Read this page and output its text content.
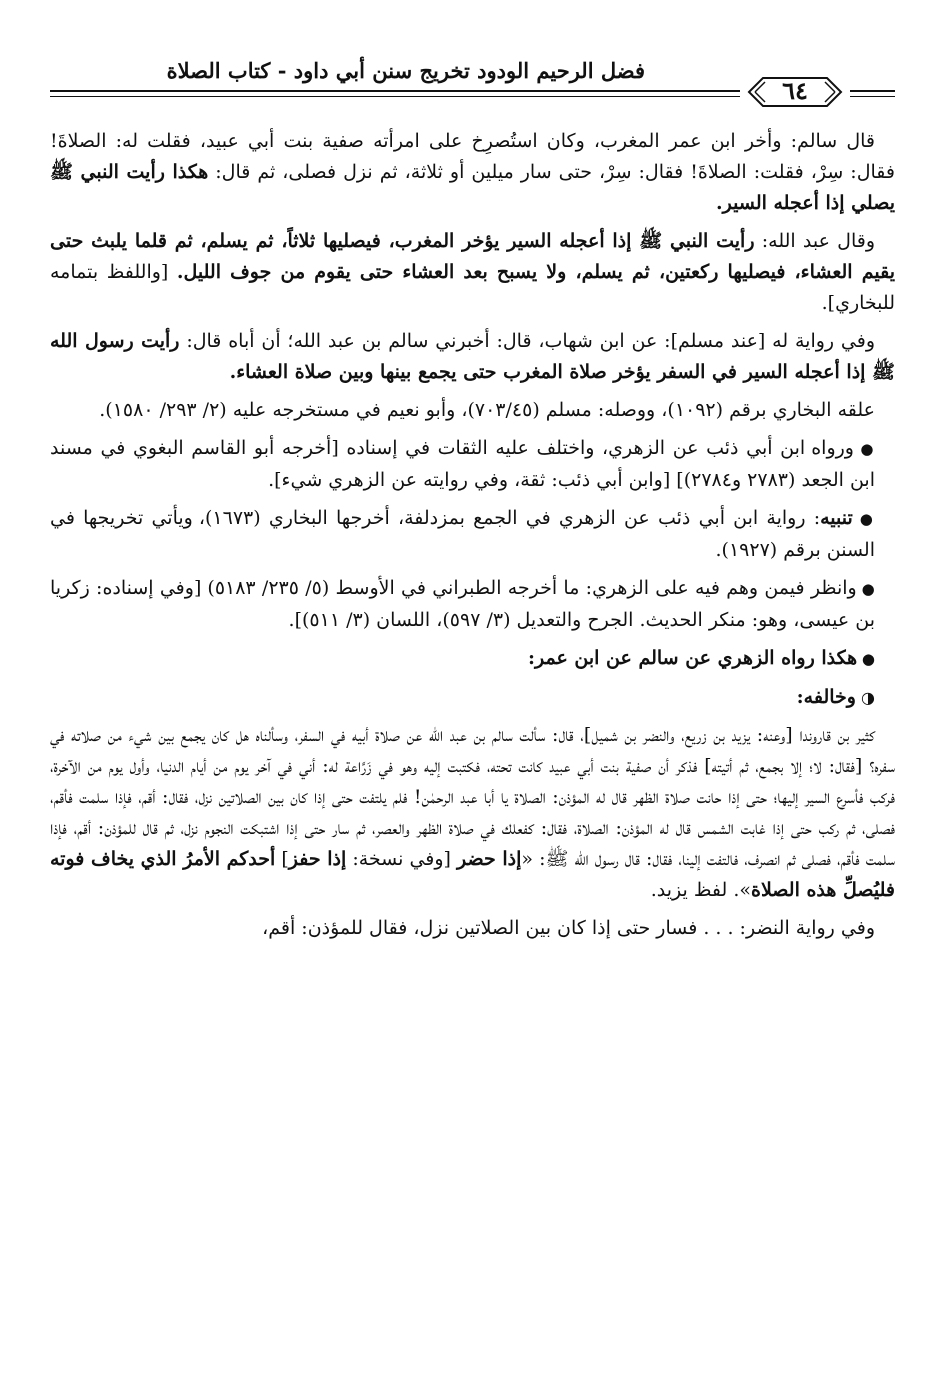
فضل الرحيم الودود تخريج سنن أبي داود - كتاب الصلاة
٦٤

قال سالم: وأخر ابن عمر المغرب، وكان استُصرِخ على امرأته صفية بنت أبي عبيد، فقلت له: الصلاةَ! فقال: سِرْ، فقلت: الصلاةَ! فقال: سِرْ، حتى سار ميلين أو ثلاثة، ثم نزل فصلى، ثم قال: هكذا رأيت النبي ﷺ يصلي إذا أعجله السير.

وقال عبد الله: رأيت النبي ﷺ إذا أعجله السير يؤخر المغرب، فيصليها ثلاثاً، ثم يسلم، ثم قلما يلبث حتى يقيم العشاء، فيصليها ركعتين، ثم يسلم، ولا يسبح بعد العشاء حتى يقوم من جوف الليل. [واللفظ بتمامه للبخاري].

وفي رواية له [عند مسلم]: عن ابن شهاب، قال: أخبرني سالم بن عبد الله؛ أن أباه قال: رأيت رسول الله ﷺ إذا أعجله السير في السفر يؤخر صلاة المغرب حتى يجمع بينها وبين صلاة العشاء.

علقه البخاري برقم (١٠٩٢)، ووصله: مسلم (٧٠٣/٤٥)، وأبو نعيم في مستخرجه عليه (٢/ ٢٩٣/ ١٥٨٠).

● ورواه ابن أبي ذئب عن الزهري، واختلف عليه الثقات في إسناده [أخرجه أبو القاسم البغوي في مسند ابن الجعد (٢٧٨٣ و٢٧٨٤)] [وابن أبي ذئب: ثقة، وفي روايته عن الزهري شيء].

● تنبيه: رواية ابن أبي ذئب عن الزهري في الجمع بمزدلفة، أخرجها البخاري (١٦٧٣)، ويأتي تخريجها في السنن برقم (١٩٢٧).

● وانظر فيمن وهم فيه على الزهري: ما أخرجه الطبراني في الأوسط (٥/ ٢٣٥/ ٥١٨٣) [وفي إسناده: زكريا بن عيسى، وهو: منكر الحديث. الجرح والتعديل (٣/ ٥٩٧)، اللسان (٣/ ٥١١)].

● هكذا رواه الزهري عن سالم عن ابن عمر:

◑ وخالفه:

كثير بن قاروندا [وعنه: يزيد بن زريع، والنضر بن شميل]، قال: سألت سالم بن عبد الله عن صلاة أبيه في السفر، وسألناه هل كان يجمع بين شيء من صلاته في سفره؟ [فقال: لا؛ إلا بجمع، ثم أتيته] فذكر أن صفية بنت أبي عبيد كانت تحته، فكتبت إليه وهو في زَرَّاعة له: أني في آخر يوم من أيام الدنيا، وأول يوم من الآخرة، فركب فأسرع السير إليها؛ حتى إذا حانت صلاة الظهر قال له المؤذن: الصلاة يا أبا عبد الرحمٰن! فلم يلتفت حتى إذا كان بين الصلاتين نزل، فقال: أقم، فإذا سلمت فأقم، فصلى، ثم ركب حتى إذا غابت الشمس قال له المؤذن: الصلاة، فقال: كفعلك في صلاة الظهر والعصر، ثم سار حتى إذا اشتبكت النجوم نزل، ثم قال للمؤذن: أقم، فإذا سلمت فأقم، فصلى ثم انصرف، فالتفت إلينا، فقال: قال رسول الله ﷺ: «إذا حضر [وفي نسخة: إذا حفز] أحدكم الأمرُ الذي يخاف فوته فليُصلِّ هذه الصلاة». لفظ يزيد.

وفي رواية النضر: . . . فسار حتى إذا كان بين الصلاتين نزل، فقال للمؤذن: أقم،
